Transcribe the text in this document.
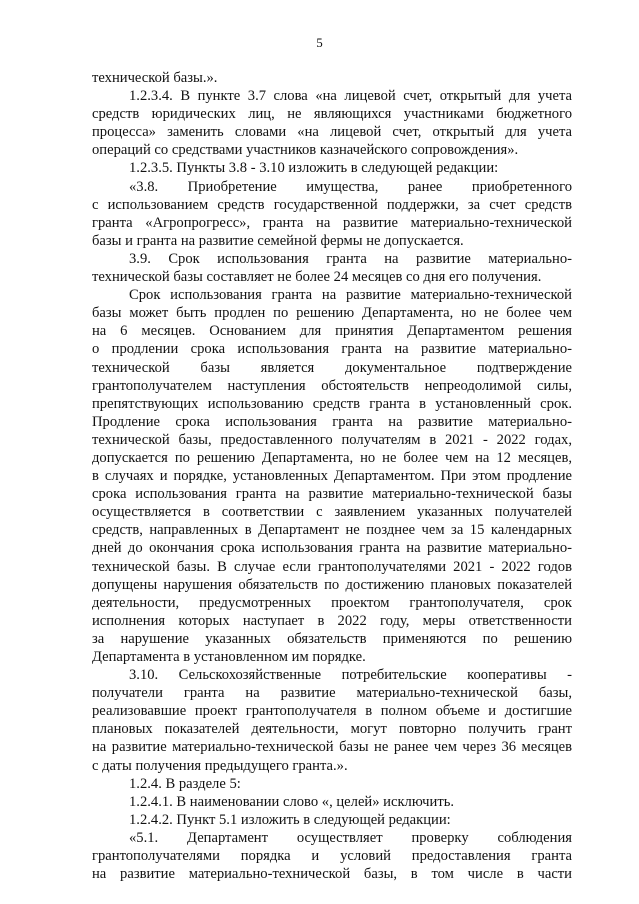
5
технической базы.».
1.2.3.4. В пункте 3.7 слова «на лицевой счет, открытый для учета
средств юридических лиц, не являющихся участниками бюджетного
процесса» заменить словами «на лицевой счет, открытый для учета
операций со средствами участников казначейского сопровождения».
1.2.3.5. Пункты 3.8 - 3.10 изложить в следующей редакции:
«3.8. Приобретение имущества, ранее приобретенного
с использованием средств государственной поддержки, за счет средств
гранта «Агропрогресс», гранта на развитие материально-технической
базы и гранта на развитие семейной фермы не допускается.
3.9. Срок использования гранта на развитие материально-
технической базы составляет не более 24 месяцев со дня его получения.
Срок использования гранта на развитие материально-технической
базы может быть продлен по решению Департамента, но не более чем
на 6 месяцев. Основанием для принятия Департаментом решения
о продлении срока использования гранта на развитие материально-
технической базы является документальное подтверждение
грантополучателем наступления обстоятельств непреодолимой силы,
препятствующих использованию средств гранта в установленный срок.
Продление срока использования гранта на развитие материально-
технической базы, предоставленного получателям в 2021 - 2022 годах,
допускается по решению Департамента, но не более чем на 12 месяцев,
в случаях и порядке, установленных Департаментом. При этом продление
срока использования гранта на развитие материально-технической базы
осуществляется в соответствии с заявлением указанных получателей
средств, направленных в Департамент не позднее чем за 15 календарных
дней до окончания срока использования гранта на развитие материально-
технической базы. В случае если грантополучателями 2021 - 2022 годов
допущены нарушения обязательств по достижению плановых показателей
деятельности, предусмотренных проектом грантополучателя, срок
исполнения которых наступает в 2022 году, меры ответственности
за нарушение указанных обязательств применяются по решению
Департамента в установленном им порядке.
3.10. Сельскохозяйственные потребительские кооперативы -
получатели гранта на развитие материально-технической базы,
реализовавшие проект грантополучателя в полном объеме и достигшие
плановых показателей деятельности, могут повторно получить грант
на развитие материально-технической базы не ранее чем через 36 месяцев
с даты получения предыдущего гранта.».
1.2.4. В разделе 5:
1.2.4.1. В наименовании слово «, целей» исключить.
1.2.4.2. Пункт 5.1 изложить в следующей редакции:
«5.1. Департамент осуществляет проверку соблюдения
грантополучателями порядка и условий предоставления гранта
на развитие материально-технической базы, в том числе в части
